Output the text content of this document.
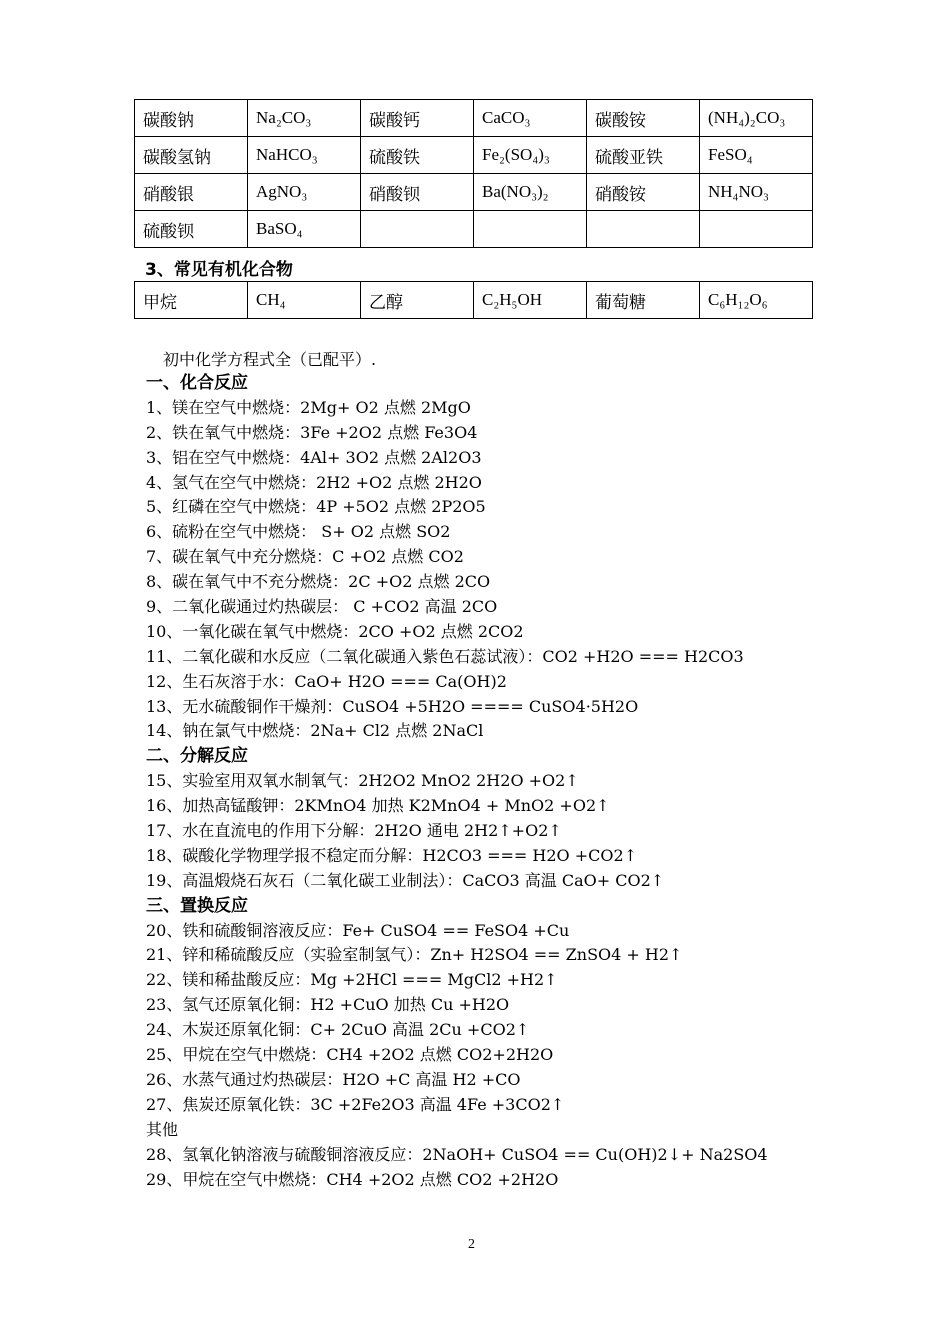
碳酸钠	Na₂CO₃	碳酸钙	CaCO₃	碳酸铵	(NH₄)₂CO₃
碳酸氢钠	NaHCO₃	硫酸铁	Fe₂(SO₄)₃	硫酸亚铁	FeSO₄
硝酸银	AgNO₃	硝酸钡	Ba(NO₃)₂	硝酸铵	NH₄NO₃
硫酸钡	BaSO₄				
3、常见有机化合物
甲烷	CH₄	乙醇	C₂H₅OH	葡萄糖	C₆H₁₂O₆
初中化学方程式全（已配平）.
一、化合反应
1、镁在空气中燃烧：2Mg+ O2 点燃 2MgO
2、铁在氧气中燃烧：3Fe +2O2 点燃 Fe3O4
3、铝在空气中燃烧：4Al+ 3O2 点燃 2Al2O3
4、氢气在空气中燃烧：2H2 +O2 点燃 2H2O
5、红磷在空气中燃烧：4P +5O2 点燃 2P2O5
6、硫粉在空气中燃烧： S+ O2 点燃 SO2
7、碳在氧气中充分燃烧：C +O2 点燃 CO2
8、碳在氧气中不充分燃烧：2C +O2 点燃 2CO
9、二氧化碳通过灼热碳层： C +CO2 高温 2CO
10、一氧化碳在氧气中燃烧：2CO +O2 点燃 2CO2
11、二氧化碳和水反应（二氧化碳通入紫色石蕊试液）：CO2 +H2O === H2CO3
12、生石灰溶于水：CaO+ H2O === Ca(OH)2
13、无水硫酸铜作干燥剂：CuSO4 +5H2O ==== CuSO4·5H2O
14、钠在氯气中燃烧：2Na+ Cl2 点燃 2NaCl
二、分解反应
15、实验室用双氧水制氧气：2H2O2 MnO2 2H2O +O2↑
16、加热高锰酸钾：2KMnO4 加热 K2MnO4 + MnO2 +O2↑
17、水在直流电的作用下分解：2H2O 通电 2H2↑+O2↑
18、碳酸化学物理学报不稳定而分解：H2CO3 === H2O +CO2↑
19、高温煅烧石灰石（二氧化碳工业制法）：CaCO3 高温 CaO+ CO2↑
三、置换反应
20、铁和硫酸铜溶液反应：Fe+ CuSO4 == FeSO4 +Cu
21、锌和稀硫酸反应（实验室制氢气）：Zn+ H2SO4 == ZnSO4 + H2↑
22、镁和稀盐酸反应：Mg +2HCl === MgCl2 +H2↑
23、氢气还原氧化铜：H2 +CuO 加热 Cu +H2O
24、木炭还原氧化铜：C+ 2CuO 高温 2Cu +CO2↑
25、甲烷在空气中燃烧：CH4 +2O2 点燃 CO2+2H2O
26、水蒸气通过灼热碳层：H2O +C 高温 H2 +CO
27、焦炭还原氧化铁：3C +2Fe2O3 高温 4Fe +3CO2↑
其他
28、氢氧化钠溶液与硫酸铜溶液反应：2NaOH+ CuSO4 == Cu(OH)2↓+ Na2SO4
29、甲烷在空气中燃烧：CH4 +2O2 点燃 CO2 +2H2O
2
